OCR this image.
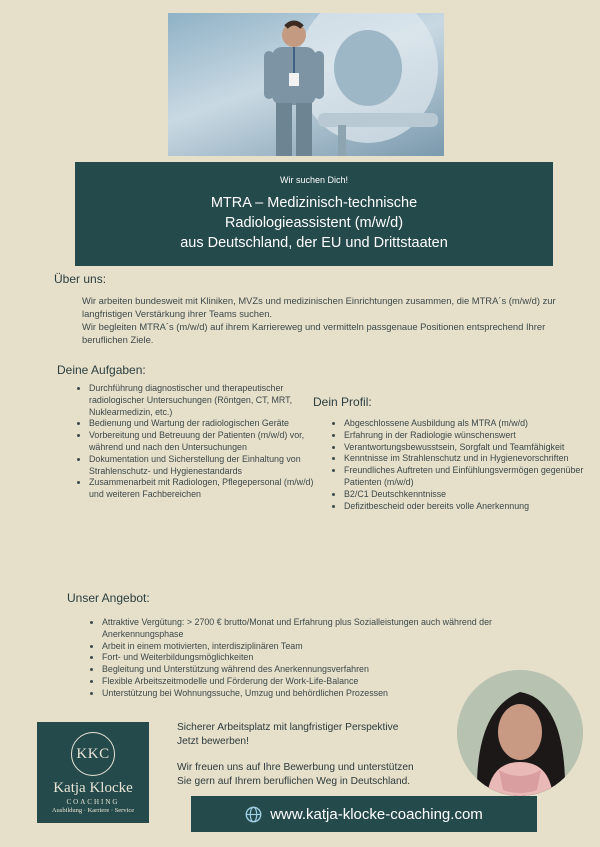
Wir suchen Dich!
MTRA – Medizinisch-technische
Radiologieassistent (m/w/d)
aus Deutschland, der EU und Drittstaaten
Über uns:

Wir arbeiten bundesweit mit Kliniken, MVZs und medizinischen Einrichtungen zusammen, die MTRA´s (m/w/d) zur langfristigen Verstärkung ihrer Teams suchen.

Wir begleiten MTRA´s (m/w/d) auf ihrem Karriereweg und vermitteln passgenaue Positionen entsprechend Ihrer beruflichen Ziele.

Deine Aufgaben:
• Durchführung diagnostischer und therapeutischer radiologischer Untersuchungen (Röntgen, CT, MRT, Nuklearmedizin, etc.)
• Bedienung und Wartung der radiologischen Geräte
• Vorbereitung und Betreuung der Patienten (m/w/d) vor, während und nach den Untersuchungen
• Dokumentation und Sicherstellung der Einhaltung von Strahlenschutz- und Hygienestandards
• Zusammenarbeit mit Radiologen, Pflegepersonal (m/w/d) und weiteren Fachbereichen
Dein Profil:
• Abgeschlossene Ausbildung als MTRA (m/w/d)
• Erfahrung in der Radiologie wünschenswert
• Verantwortungsbewusstsein, Sorgfalt und Teamfähigkeit
• Kenntnisse im Strahlenschutz und in Hygienevorschriften
• Freundliches Auftreten und Einfühlungsvermögen gegenüber Patienten (m/w/d)
• B2/C1 Deutschkenntnisse
• Defizitbescheid oder bereits volle Anerkennung
Unser Angebot:
• Attraktive Vergütung: > 2700 € brutto/Monat und Erfahrung plus Sozialleistungen auch während der Anerkennungsphase
• Arbeit in einem motivierten, interdisziplinären Team
• Fort- und Weiterbildungsmöglichkeiten
• Begleitung und Unterstützung während des Anerkennungsverfahren
• Flexible Arbeitszeitmodelle und Förderung der Work-Life-Balance
• Unterstützung bei Wohnungssuche, Umzug und behördlichen Prozessen
KKC
Katja Klocke
COACHING
Ausbildung · Karriere · Service

Sicherer Arbeitsplatz mit langfristiger Perspektive

Jetzt bewerben!

Wir freuen uns auf Ihre Bewerbung und unterstützen

Sie gern auf Ihrem beruflichen Weg in Deutschland.

www.katja-klocke-coaching.com
